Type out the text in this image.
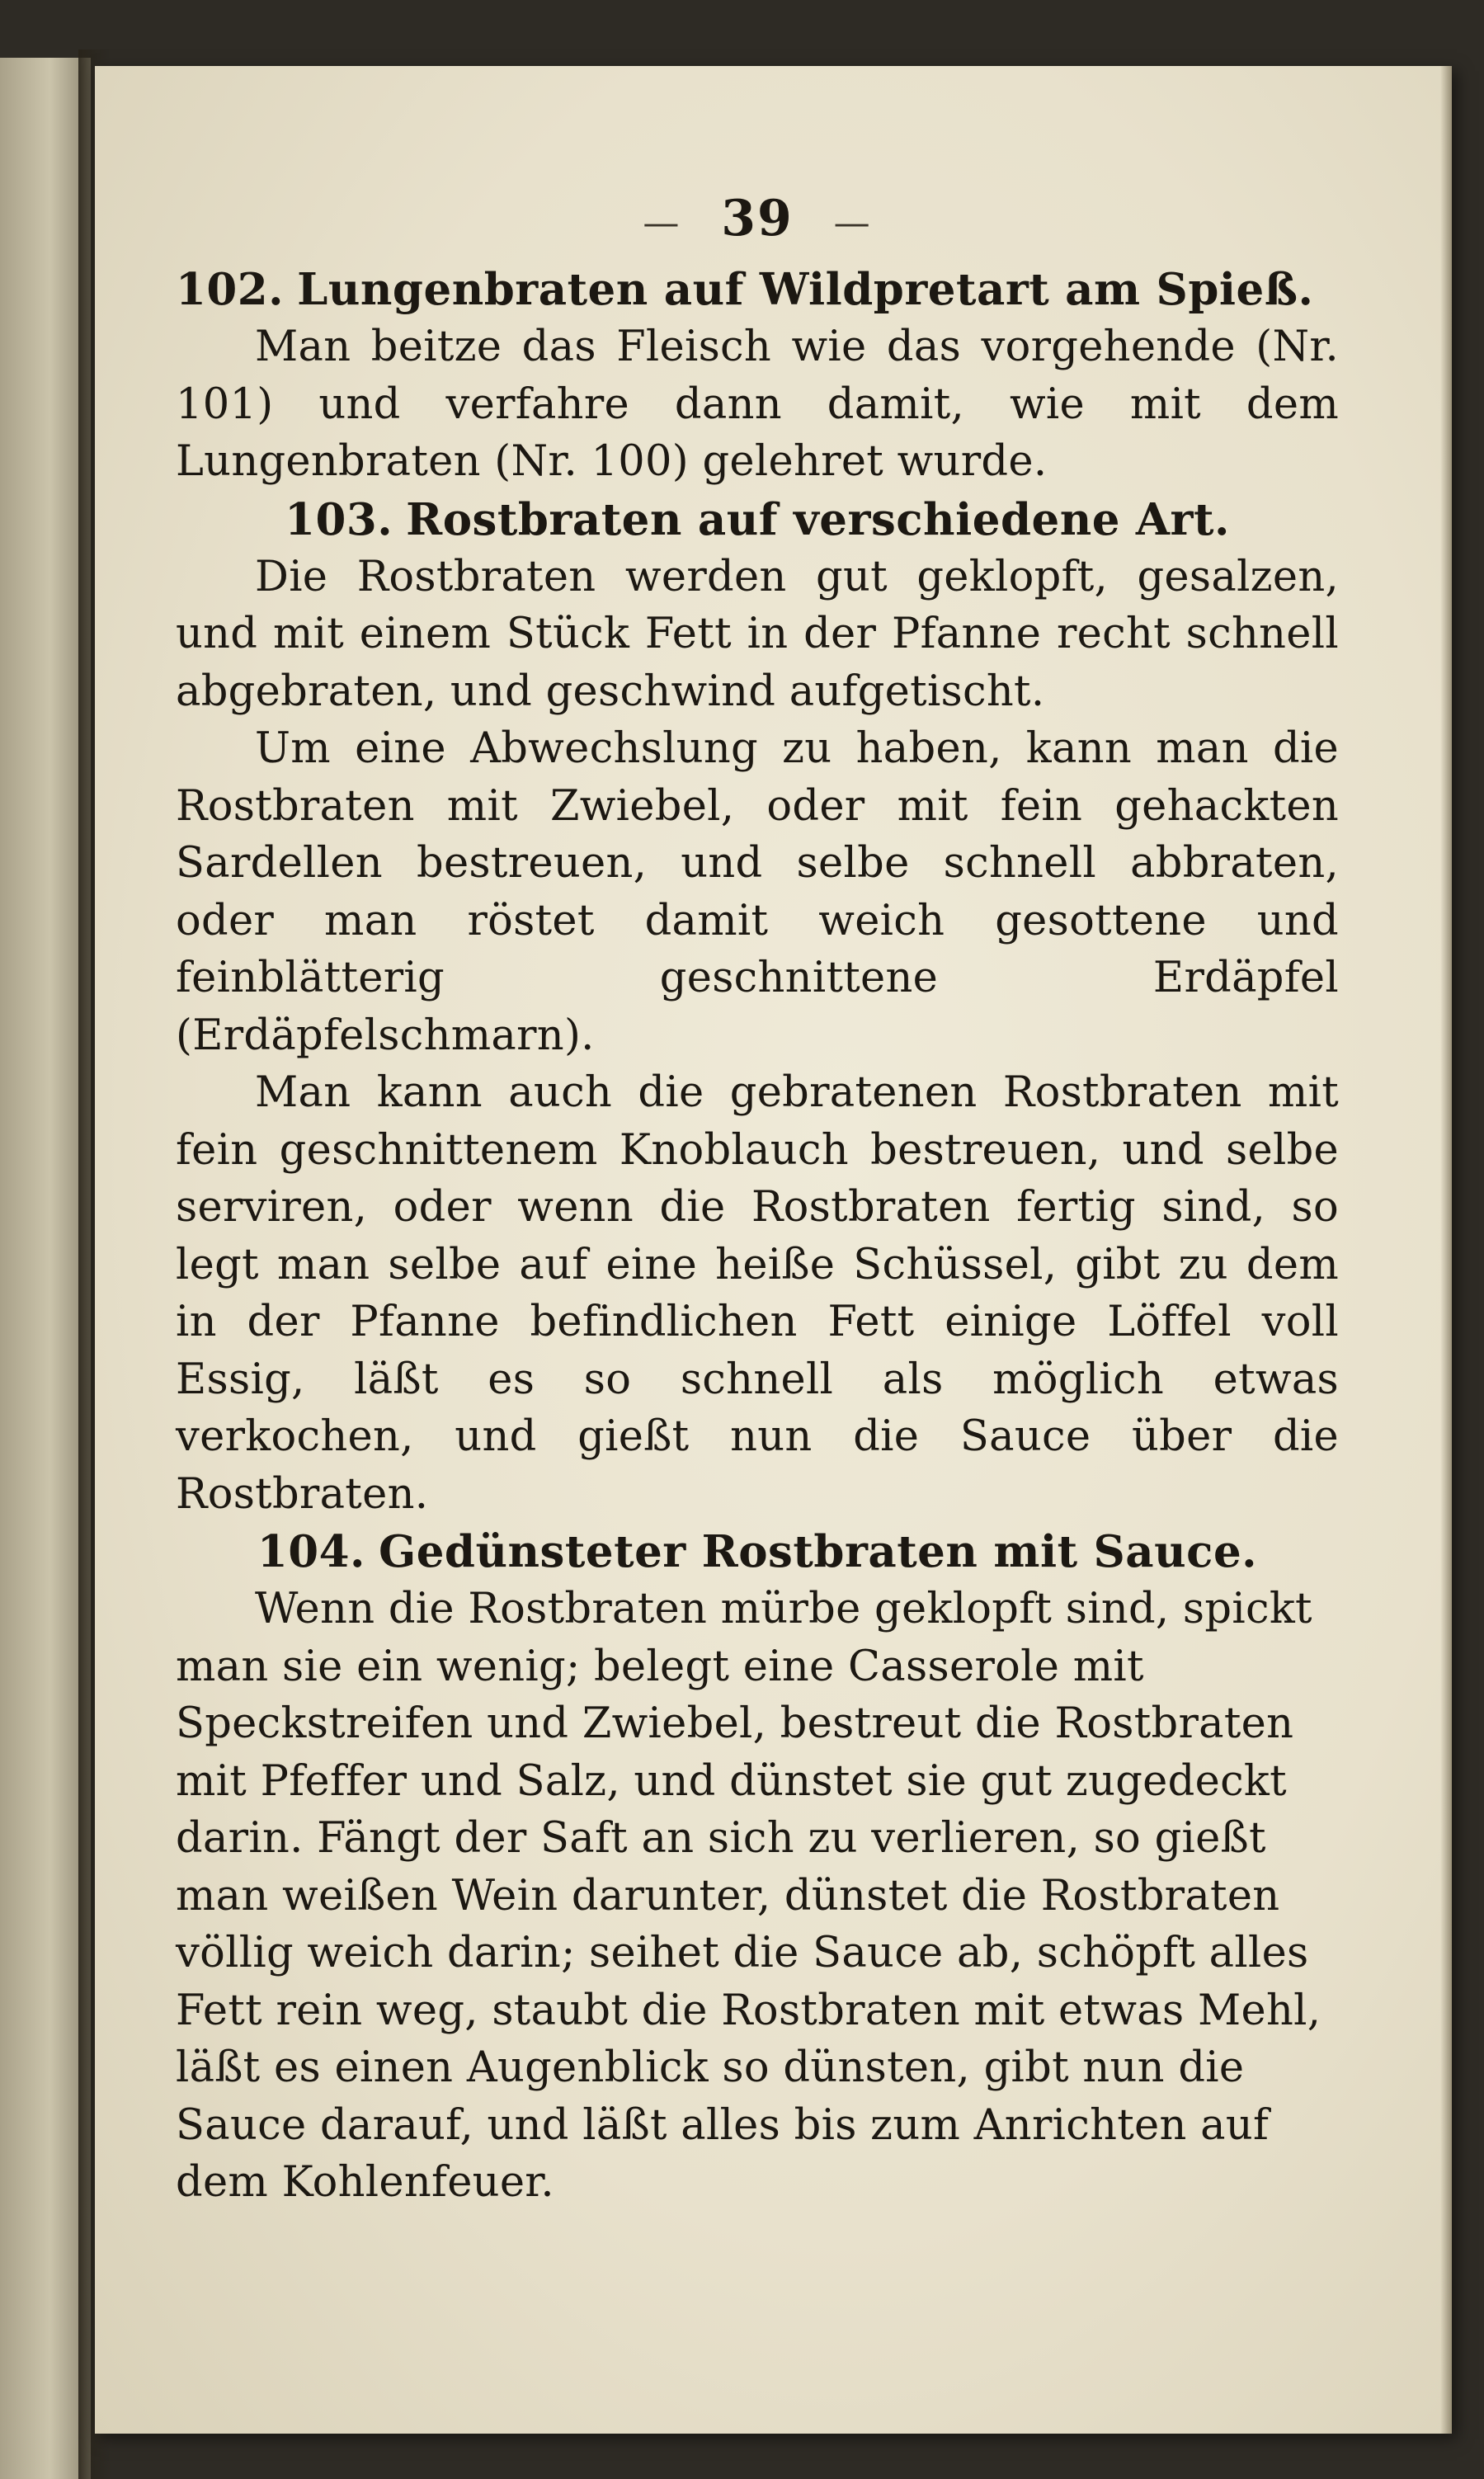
— 39 —
102. Lungenbraten auf Wildpretart am Spieß.

Man beitze das Fleisch wie das vorgehende (Nr. 101) und verfahre dann damit, wie mit dem Lungenbraten (Nr. 100) gelehret wurde.

103. Rostbraten auf verschiedene Art.

Die Rostbraten werden gut geklopft, gesalzen, und mit einem Stück Fett in der Pfanne recht schnell abgebraten, und geschwind aufgetischt.

Um eine Abwechslung zu haben, kann man die Rostbraten mit Zwiebel, oder mit fein gehackten Sardellen bestreuen, und selbe schnell abbraten, oder man röstet damit weich gesottene und feinblätterig geschnittene Erdäpfel (Erdäpfelschmarn).

Man kann auch die gebratenen Rostbraten mit fein geschnittenem Knoblauch bestreuen, und selbe serviren, oder wenn die Rostbraten fertig sind, so legt man selbe auf eine heiße Schüssel, gibt zu dem in der Pfanne befindlichen Fett einige Löffel voll Essig, läßt es so schnell als möglich etwas verkochen, und gießt nun die Sauce über die Rostbraten.

104. Gedünsteter Rostbraten mit Sauce.

Wenn die Rostbraten mürbe geklopft sind, spickt man sie ein wenig; belegt eine Casserole mit Speckstreifen und Zwiebel, bestreut die Rostbraten mit Pfeffer und Salz, und dünstet sie gut zugedeckt darin. Fängt der Saft an sich zu verlieren, so gießt man weißen Wein darunter, dünstet die Rostbraten völlig weich darin; seihet die Sauce ab, schöpft alles Fett rein weg, staubt die Rostbraten mit etwas Mehl, läßt es einen Augenblick so dünsten, gibt nun die Sauce darauf, und läßt alles bis zum Anrichten auf dem Kohlenfeuer.
